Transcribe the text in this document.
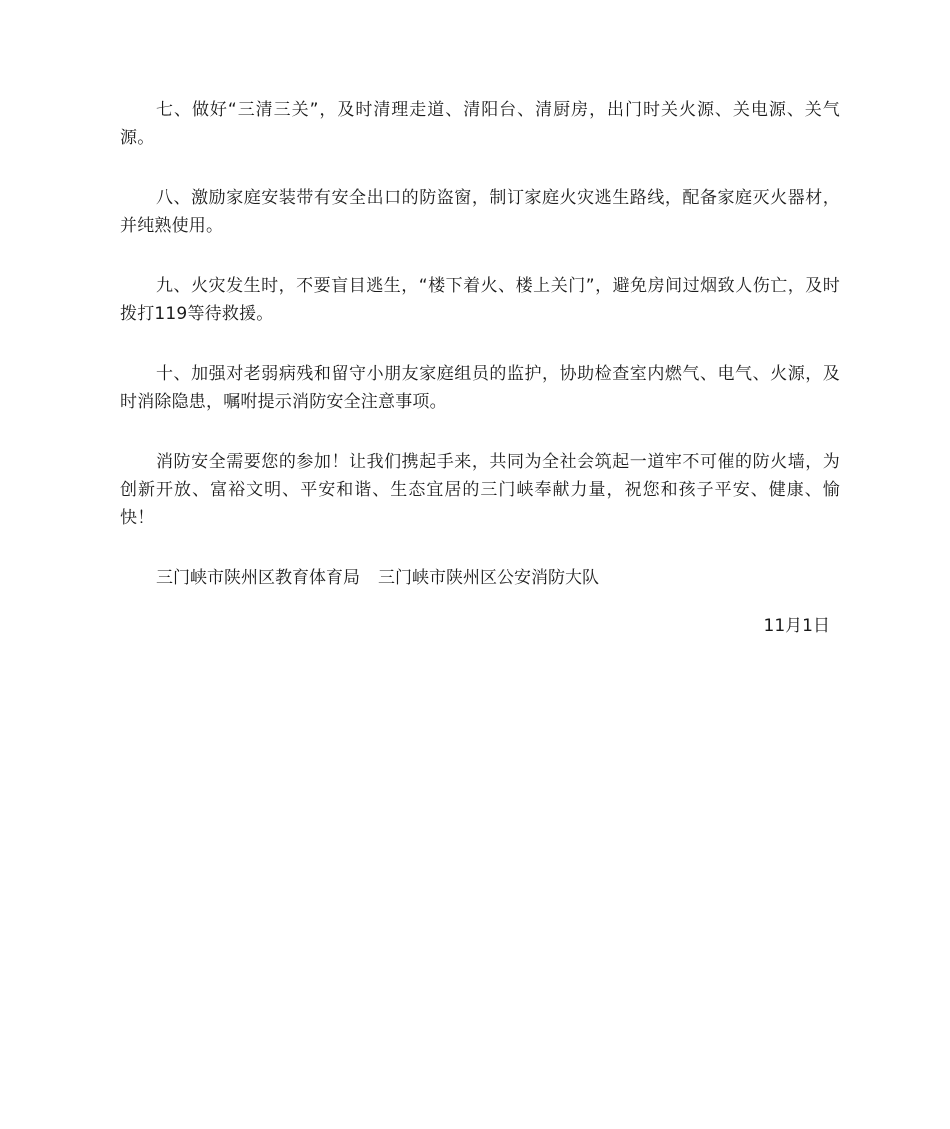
七、做好“三清三关”，及时清理走道、清阳台、清厨房，出门时关火源、关电源、关气源。

八、激励家庭安装带有安全出口的防盗窗，制订家庭火灾逃生路线，配备家庭灭火器材，并纯熟使用。

九、火灾发生时，不要盲目逃生，“楼下着火、楼上关门”，避免房间过烟致人伤亡，及时拨打119等待救援。

十、加强对老弱病残和留守小朋友家庭组员的监护，协助检查室内燃气、电气、火源，及时消除隐患，嘱咐提示消防安全注意事项。

消防安全需要您的参加！让我们携起手来，共同为全社会筑起一道牢不可催的防火墙，为创新开放、富裕文明、平安和谐、生态宜居的三门峡奉献力量，祝您和孩子平安、健康、愉快！

三门峡市陕州区教育体育局 三门峡市陕州区公安消防大队

11月1日
